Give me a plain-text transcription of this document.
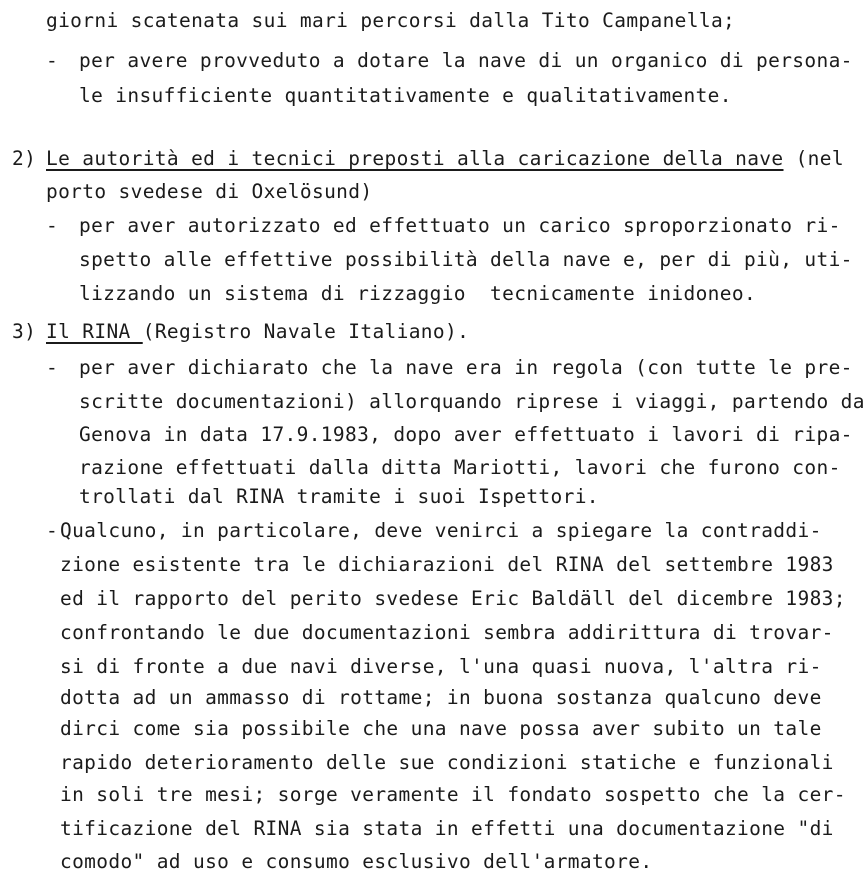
giorni scatenata sui mari percorsi dalla Tito Campanella;
- per avere provveduto a dotare la nave di un organico di persona-
le insufficiente quantitativamente e qualitativamente.
2) Le autorità ed i tecnici preposti alla caricazione della nave (nel
porto svedese di Oxelösund)
- per aver autorizzato ed effettuato un carico sproporzionato ri-
spetto alle effettive possibilità della nave e, per di più, uti-
lizzando un sistema di rizzaggio  tecnicamente inidoneo.
3) Il RINA (Registro Navale Italiano).
- per aver dichiarato che la nave era in regola (con tutte le pre-
scritte documentazioni) allorquando riprese i viaggi, partendo da
Genova in data 17.9.1983, dopo aver effettuato i lavori di ripa-
razione effettuati dalla ditta Mariotti, lavori che furono con-
trollati dal RINA tramite i suoi Ispettori.
- Qualcuno, in particolare, deve venirci a spiegare la contraddi-
zione esistente tra le dichiarazioni del RINA del settembre 1983
ed il rapporto del perito svedese Eric Baldäll del dicembre 1983;
confrontando le due documentazioni sembra addirittura di trovar-
si di fronte a due navi diverse, l'una quasi nuova, l'altra ri-
dotta ad un ammasso di rottame; in buona sostanza qualcuno deve
dirci come sia possibile che una nave possa aver subito un tale
rapido deterioramento delle sue condizioni statiche e funzionali
in soli tre mesi; sorge veramente il fondato sospetto che la cer-
tificazione del RINA sia stata in effetti una documentazione "di
comodo" ad uso e consumo esclusivo dell'armatore.
